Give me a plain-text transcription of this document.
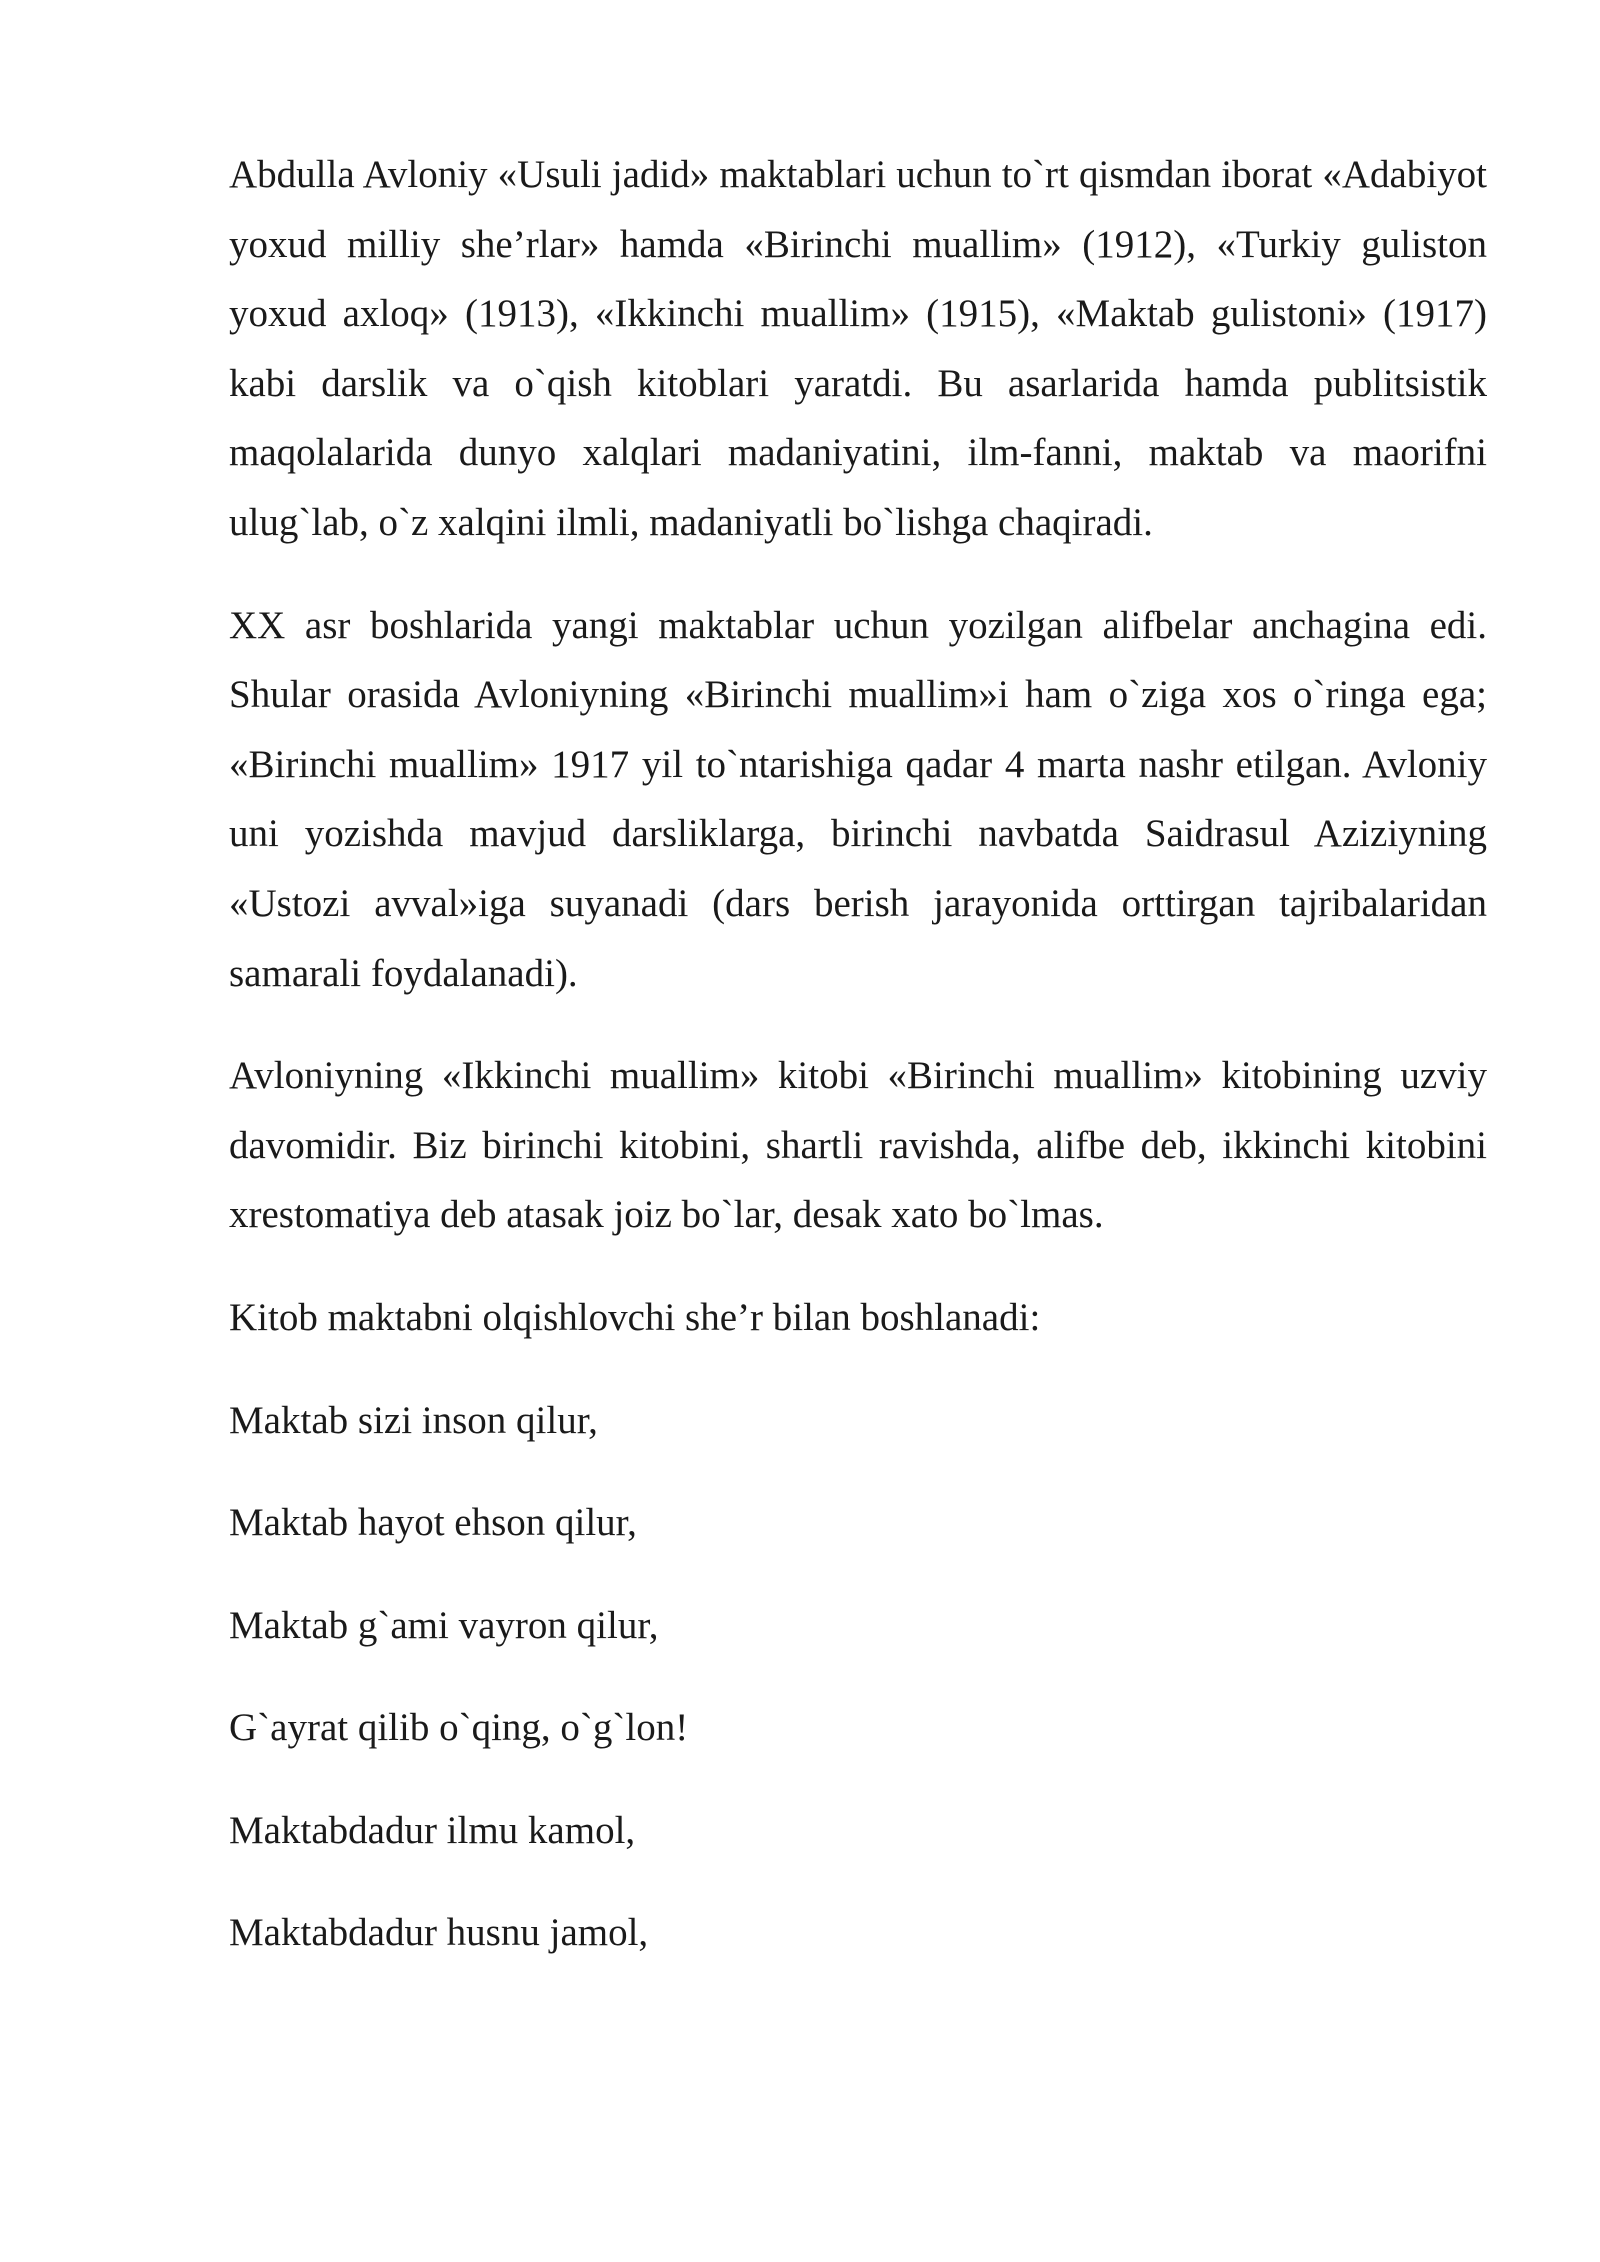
Abdulla Avloniy «Usuli jadid» maktablari uchun to`rt qismdan iborat «Adabiyot yoxud milliy she’rlar» hamda «Birinchi muallim» (1912), «Turkiy guliston yoxud axloq» (1913), «Ikkinchi muallim» (1915), «Maktab gulistoni» (1917) kabi darslik va o`qish kitoblari yaratdi. Bu asarlarida hamda publitsistik maqolalarida dunyo xalqlari madaniyatini, ilm-fanni, maktab va maorifni ulug`lab, o`z xalqini ilmli, madaniyatli bo`lishga chaqiradi.

XX asr boshlarida yangi maktablar uchun yozilgan alifbelar anchagina edi. Shular orasida Avloniyning «Birinchi muallim»i ham o`ziga xos o`ringa ega; «Birinchi muallim» 1917 yil to`ntarishiga qadar 4 marta nashr etilgan. Avloniy uni yozishda mavjud darsliklarga, birinchi navbatda Saidrasul Aziziyning «Ustozi avval»iga suyanadi (dars berish jarayonida orttirgan tajribalaridan samarali foydalanadi).

Avloniyning «Ikkinchi muallim» kitobi «Birinchi muallim» kitobining uzviy davomidir. Biz birinchi kitobini, shartli ravishda, alifbe deb, ikkinchi kitobini xrestomatiya deb atasak joiz bo`lar, desak xato bo`lmas.

Kitob maktabni olqishlovchi she’r bilan boshlanadi:

Maktab sizi inson qilur,

Maktab hayot ehson qilur,

Maktab g`ami vayron qilur,

G`ayrat qilib o`qing, o`g`lon!

Maktabdadur ilmu kamol,

Maktabdadur husnu jamol,
